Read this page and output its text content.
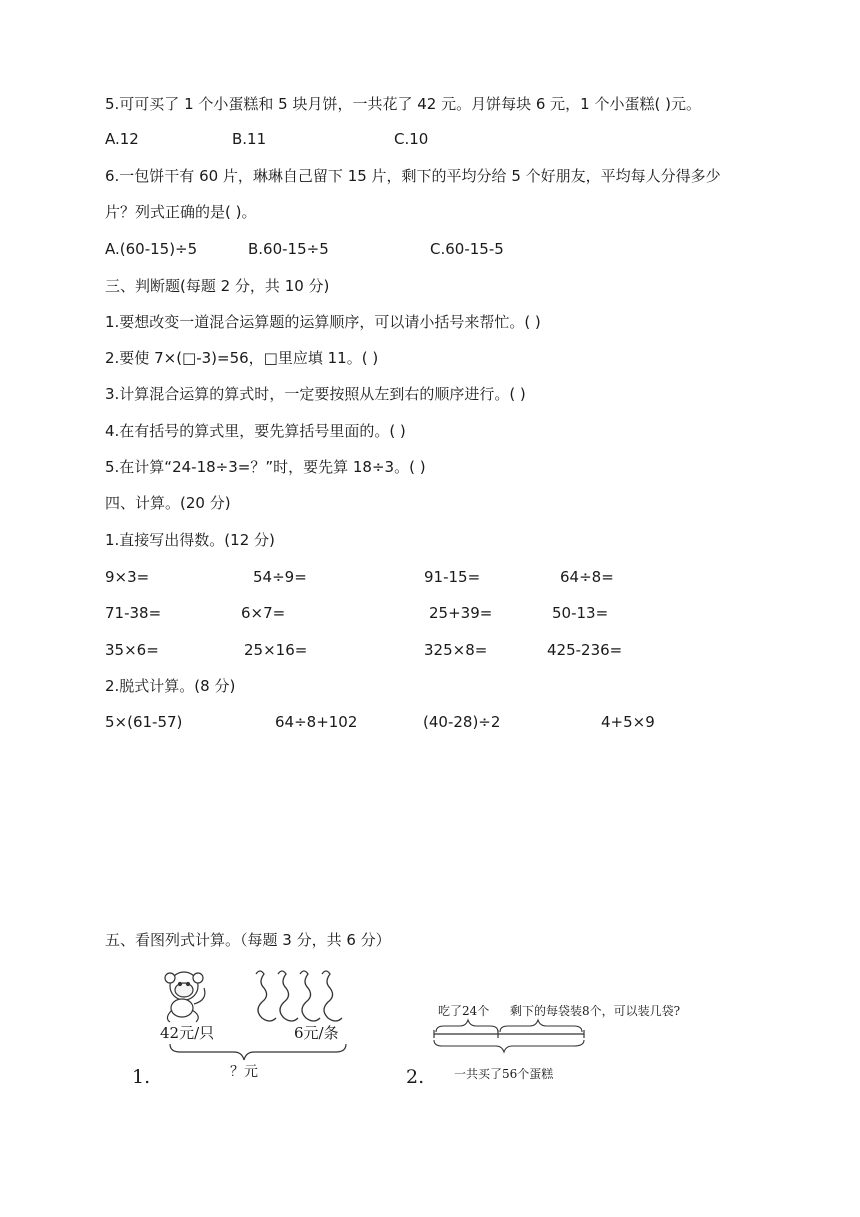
5.可可买了 1 个小蛋糕和 5 块月饼，一共花了 42 元。月饼每块 6 元，1 个小蛋糕( )元。
A.12	B.11	C.10
6.一包饼干有 60 片，琳琳自己留下 15 片，剩下的平均分给 5 个好朋友，平均每人分得多少
片？列式正确的是( )。
A.(60-15)÷5	B.60-15÷5	C.60-15-5
三、判断题(每题 2 分，共 10 分)
1.要想改变一道混合运算题的运算顺序，可以请小括号来帮忙。( )
2.要使 7×(□-3)=56，□里应填 11。( )
3.计算混合运算的算式时，一定要按照从左到右的顺序进行。( )
4.在有括号的算式里，要先算括号里面的。( )
5.在计算“24-18÷3=？”时，要先算 18÷3。( )
四、计算。(20 分)
1.直接写出得数。(12 分)
9×3=	54÷9=	91-15=	64÷8=
71-38=	6×7=	25+39=	50-13=
35×6=	25×16=	325×8=	425-236=
2.脱式计算。(8 分)
5×(61-57)	64÷8+102	(40-28)÷2	4+5×9
五、看图列式计算。（每题 3 分，共 6 分）
42元/只	6元/条
？元
1.
吃了24个 剩下的每袋装8个，可以装几袋?
一共买了56个蛋糕
2.
